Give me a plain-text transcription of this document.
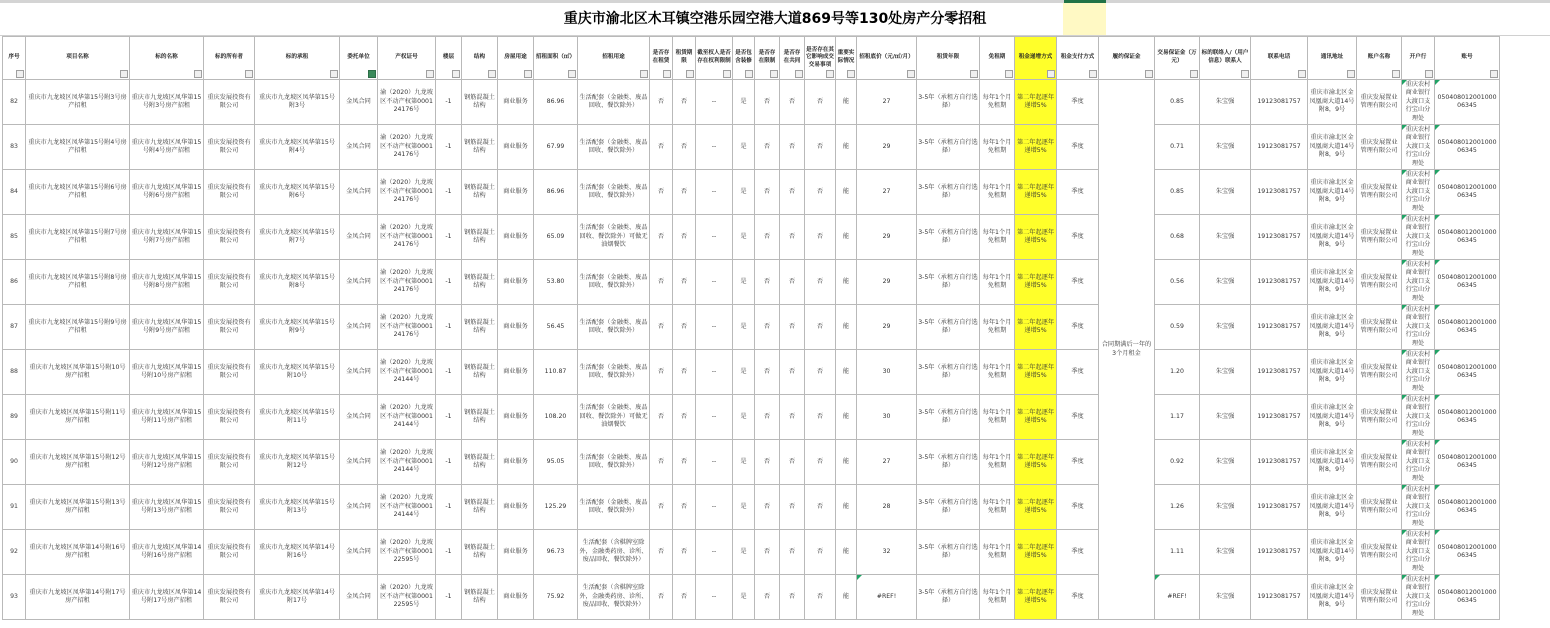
重庆市渝北区木耳镇空港乐园空港大道869号等130处房产分零招租
序号	项目名称	标的名称	标的所有者	标的承租	委托单位	产权证号	楼层	结构	房屋用途	招租面积（㎡）	招租用途	是否存在租赁	租赁期限	截至权人是否存在权利限制	是否包含装修	是否存在限制	是否存在共同	是否存在其它影响成交交易事项	重要实际情况	招租底价（元/㎡/月）	租赁年限	免租期	租金递增方式	租金支付方式	履约保证金	交易保证金（万元）	标的联络人/（用户信息）联系人	联系电话	通讯地址	账户名称	开户行	账号

82	重庆市九龙坡区凤华第15号附3号房产招租	重庆市九龙坡区凤华第15号附3号房产招租	重庆发展投资有限公司	重庆市九龙坡区凤华第15号附3号	金凤合同	渝（2020）九龙坡区不动产权第000124176号	-1	钢筋混凝土结构	商业服务	86.96	生活配套（金融类、废品回收、餐饮除外）	否	否	--	是	否	否	否	能	27	3-5年（承租方自行选择）	每年1个月免租期	第二年起逐年递增5%	季度	合同期满后一年的3个月租金	0.85	朱宝强	19123081757	重庆市渝北区金凤凰商大道14号附8，9号	重庆发展置业管理有限公司	重庆农村商业银行大渡口支行宝山分理处	05040801200100006345
83	重庆市九龙坡区凤华第15号附4号房产招租	重庆市九龙坡区凤华第15号附4号房产招租	重庆发展投资有限公司	重庆市九龙坡区凤华第15号附4号	金凤合同	渝（2020）九龙坡区不动产权第000124176号	-1	钢筋混凝土结构	商业服务	67.99	生活配套（金融类、废品回收、餐饮除外）	否	否	--	是	否	否	否	能	29	3-5年（承租方自行选择）	每年1个月免租期	第二年起逐年递增5%	季度		0.71	朱宝强	19123081757	重庆市渝北区金凤凰商大道14号附8，9号	重庆发展置业管理有限公司	重庆农村商业银行大渡口支行宝山分理处	05040801200100006345
84	重庆市九龙坡区凤华第15号附6号房产招租	重庆市九龙坡区凤华第15号附6号房产招租	重庆发展投资有限公司	重庆市九龙坡区凤华第15号附6号	金凤合同	渝（2020）九龙坡区不动产权第000124176号	-1	钢筋混凝土结构	商业服务	86.96	生活配套（金融类、废品回收、餐饮除外）	否	否	--	是	否	否	否	能	27	3-5年（承租方自行选择）	每年1个月免租期	第二年起逐年递增5%	季度		0.85	朱宝强	19123081757	重庆市渝北区金凤凰商大道14号附8，9号	重庆发展置业管理有限公司	重庆农村商业银行大渡口支行宝山分理处	05040801200100006345
85	重庆市九龙坡区凤华第15号附7号房产招租	重庆市九龙坡区凤华第15号附7号房产招租	重庆发展投资有限公司	重庆市九龙坡区凤华第15号附7号	金凤合同	渝（2020）九龙坡区不动产权第000124176号	-1	钢筋混凝土结构	商业服务	65.09	生活配套（金融类、废品回收、餐饮除外）可做无油烟餐饮	否	否	--	是	否	否	否	能	29	3-5年（承租方自行选择）	每年1个月免租期	第二年起逐年递增5%	季度		0.68	朱宝强	19123081757	重庆市渝北区金凤凰商大道14号附8，9号	重庆发展置业管理有限公司	重庆农村商业银行大渡口支行宝山分理处	05040801200100006345
86	重庆市九龙坡区凤华第15号附8号房产招租	重庆市九龙坡区凤华第15号附8号房产招租	重庆发展投资有限公司	重庆市九龙坡区凤华第15号附8号	金凤合同	渝（2020）九龙坡区不动产权第000124176号	-1	钢筋混凝土结构	商业服务	53.80	生活配套（金融类、废品回收、餐饮除外）	否	否	--	是	否	否	否	能	29	3-5年（承租方自行选择）	每年1个月免租期	第二年起逐年递增5%	季度		0.56	朱宝强	19123081757	重庆市渝北区金凤凰商大道14号附8，9号	重庆发展置业管理有限公司	重庆农村商业银行大渡口支行宝山分理处	05040801200100006345
87	重庆市九龙坡区凤华第15号附9号房产招租	重庆市九龙坡区凤华第15号附9号房产招租	重庆发展投资有限公司	重庆市九龙坡区凤华第15号附9号	金凤合同	渝（2020）九龙坡区不动产权第000124176号	-1	钢筋混凝土结构	商业服务	56.45	生活配套（金融类、废品回收、餐饮除外）	否	否	--	是	否	否	否	能	29	3-5年（承租方自行选择）	每年1个月免租期	第二年起逐年递增5%	季度		0.59	朱宝强	19123081757	重庆市渝北区金凤凰商大道14号附8，9号	重庆发展置业管理有限公司	重庆农村商业银行大渡口支行宝山分理处	05040801200100006345
88	重庆市九龙坡区凤华第15号附10号房产招租	重庆市九龙坡区凤华第15号附10号房产招租	重庆发展投资有限公司	重庆市九龙坡区凤华第15号附10号	金凤合同	渝（2020）九龙坡区不动产权第000124144号	-1	钢筋混凝土结构	商业服务	110.87	生活配套（金融类、废品回收、餐饮除外）	否	否	--	是	否	否	否	能	30	3-5年（承租方自行选择）	每年1个月免租期	第二年起逐年递增5%	季度		1.20	朱宝强	19123081757	重庆市渝北区金凤凰商大道14号附8，9号	重庆发展置业管理有限公司	重庆农村商业银行大渡口支行宝山分理处	05040801200100006345
89	重庆市九龙坡区凤华第15号附11号房产招租	重庆市九龙坡区凤华第15号附11号房产招租	重庆发展投资有限公司	重庆市九龙坡区凤华第15号附11号	金凤合同	渝（2020）九龙坡区不动产权第000124144号	-1	钢筋混凝土结构	商业服务	108.20	生活配套（金融类、废品回收、餐饮除外）可做无油烟餐饮	否	否	--	是	否	否	否	能	30	3-5年（承租方自行选择）	每年1个月免租期	第二年起逐年递增5%	季度		1.17	朱宝强	19123081757	重庆市渝北区金凤凰商大道14号附8，9号	重庆发展置业管理有限公司	重庆农村商业银行大渡口支行宝山分理处	05040801200100006345
90	重庆市九龙坡区凤华第15号附12号房产招租	重庆市九龙坡区凤华第15号附12号房产招租	重庆发展投资有限公司	重庆市九龙坡区凤华第15号附12号	金凤合同	渝（2020）九龙坡区不动产权第000124144号	-1	钢筋混凝土结构	商业服务	95.05	生活配套（金融类、废品回收、餐饮除外）	否	否	--	是	否	否	否	能	27	3-5年（承租方自行选择）	每年1个月免租期	第二年起逐年递增5%	季度		0.92	朱宝强	19123081757	重庆市渝北区金凤凰商大道14号附8，9号	重庆发展置业管理有限公司	重庆农村商业银行大渡口支行宝山分理处	05040801200100006345
91	重庆市九龙坡区凤华第15号附13号房产招租	重庆市九龙坡区凤华第15号附13号房产招租	重庆发展投资有限公司	重庆市九龙坡区凤华第15号附13号	金凤合同	渝（2020）九龙坡区不动产权第000124144号	-1	钢筋混凝土结构	商业服务	125.29	生活配套（金融类、废品回收、餐饮除外）	否	否	--	是	否	否	否	能	28	3-5年（承租方自行选择）	每年1个月免租期	第二年起逐年递增5%	季度		1.26	朱宝强	19123081757	重庆市渝北区金凤凰商大道14号附8，9号	重庆发展置业管理有限公司	重庆农村商业银行大渡口支行宝山分理处	05040801200100006345
92	重庆市九龙坡区凤华第14号附16号房产招租	重庆市九龙坡区凤华第14号附16号房产招租	重庆发展投资有限公司	重庆市九龙坡区凤华第14号附16号	金凤合同	渝（2020）九龙坡区不动产权第000122595号	-1	钢筋混凝土结构	商业服务	96.73	生活配套（含棋牌室除外，金融类药房、诊所、废品回收、餐饮除外）	否	否	--	是	否	否	否	能	32	3-5年（承租方自行选择）	每年1个月免租期	第二年起逐年递增5%	季度		1.11	朱宝强	19123081757	重庆市渝北区金凤凰商大道14号附8，9号	重庆发展置业管理有限公司	重庆农村商业银行大渡口支行宝山分理处	05040801200100006345
93	重庆市九龙坡区凤华第14号附17号房产招租	重庆市九龙坡区凤华第14号附17号房产招租	重庆发展投资有限公司	重庆市九龙坡区凤华第14号附17号	金凤合同	渝（2020）九龙坡区不动产权第000122595号	-1	钢筋混凝土结构	商业服务	75.92	生活配套（含棋牌室除外，金融类药房、诊所、废品回收、餐饮除外）	否	否	--	是	否	否	否	能	#REF!	3-5年（承租方自行选择）	每年1个月免租期	第二年起逐年递增5%	季度		#REF!	朱宝强	19123081757	重庆市渝北区金凤凰商大道14号附8，9号	重庆发展置业管理有限公司	重庆农村商业银行大渡口支行宝山分理处	05040801200100006345
